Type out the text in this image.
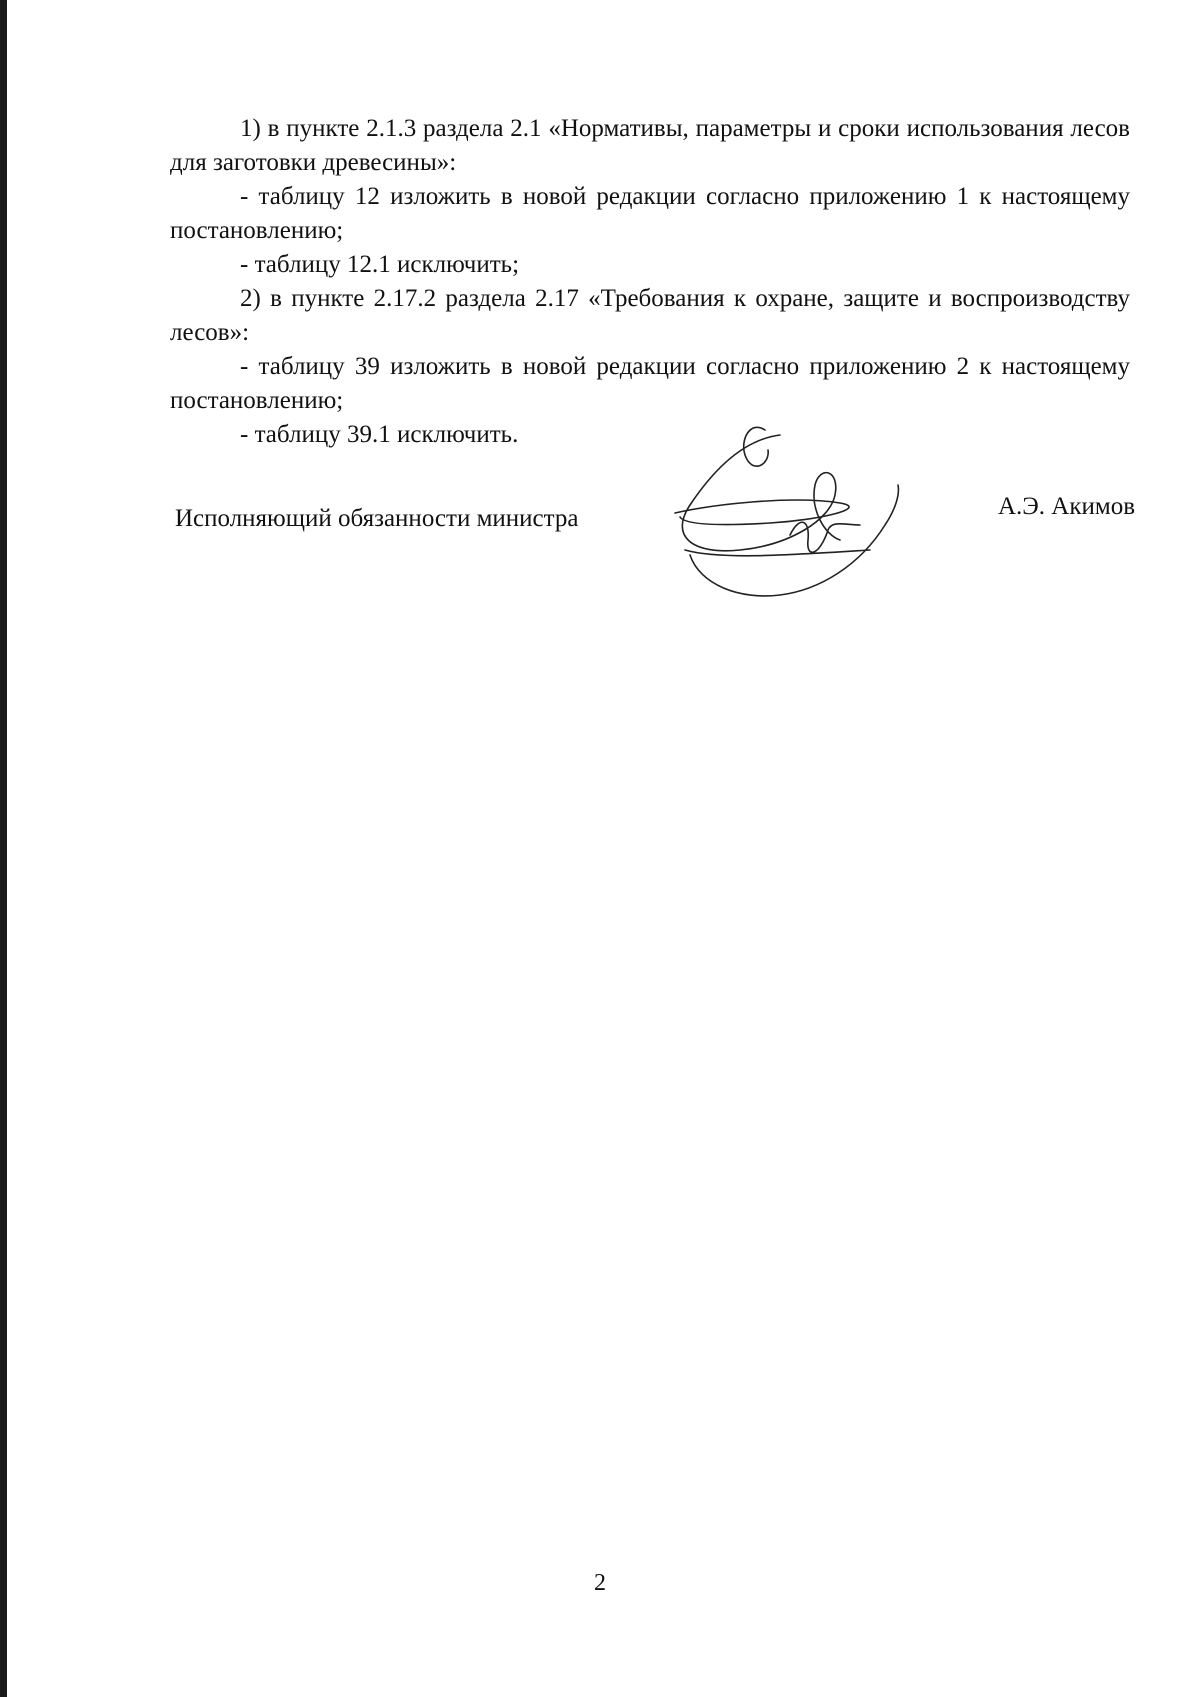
1) в пункте 2.1.3 раздела 2.1 «Нормативы, параметры и сроки использования лесов для заготовки древесины»:

- таблицу 12 изложить в новой редакции согласно приложению 1 к настоящему постановлению;

- таблицу 12.1 исключить;

2) в пункте 2.17.2 раздела 2.17 «Требования к охране, защите и воспроизводству лесов»:

- таблицу 39 изложить в новой редакции согласно приложению 2 к настоящему постановлению;

- таблицу 39.1 исключить.

Исполняющий обязанности министра	А.Э. Акимов
2
